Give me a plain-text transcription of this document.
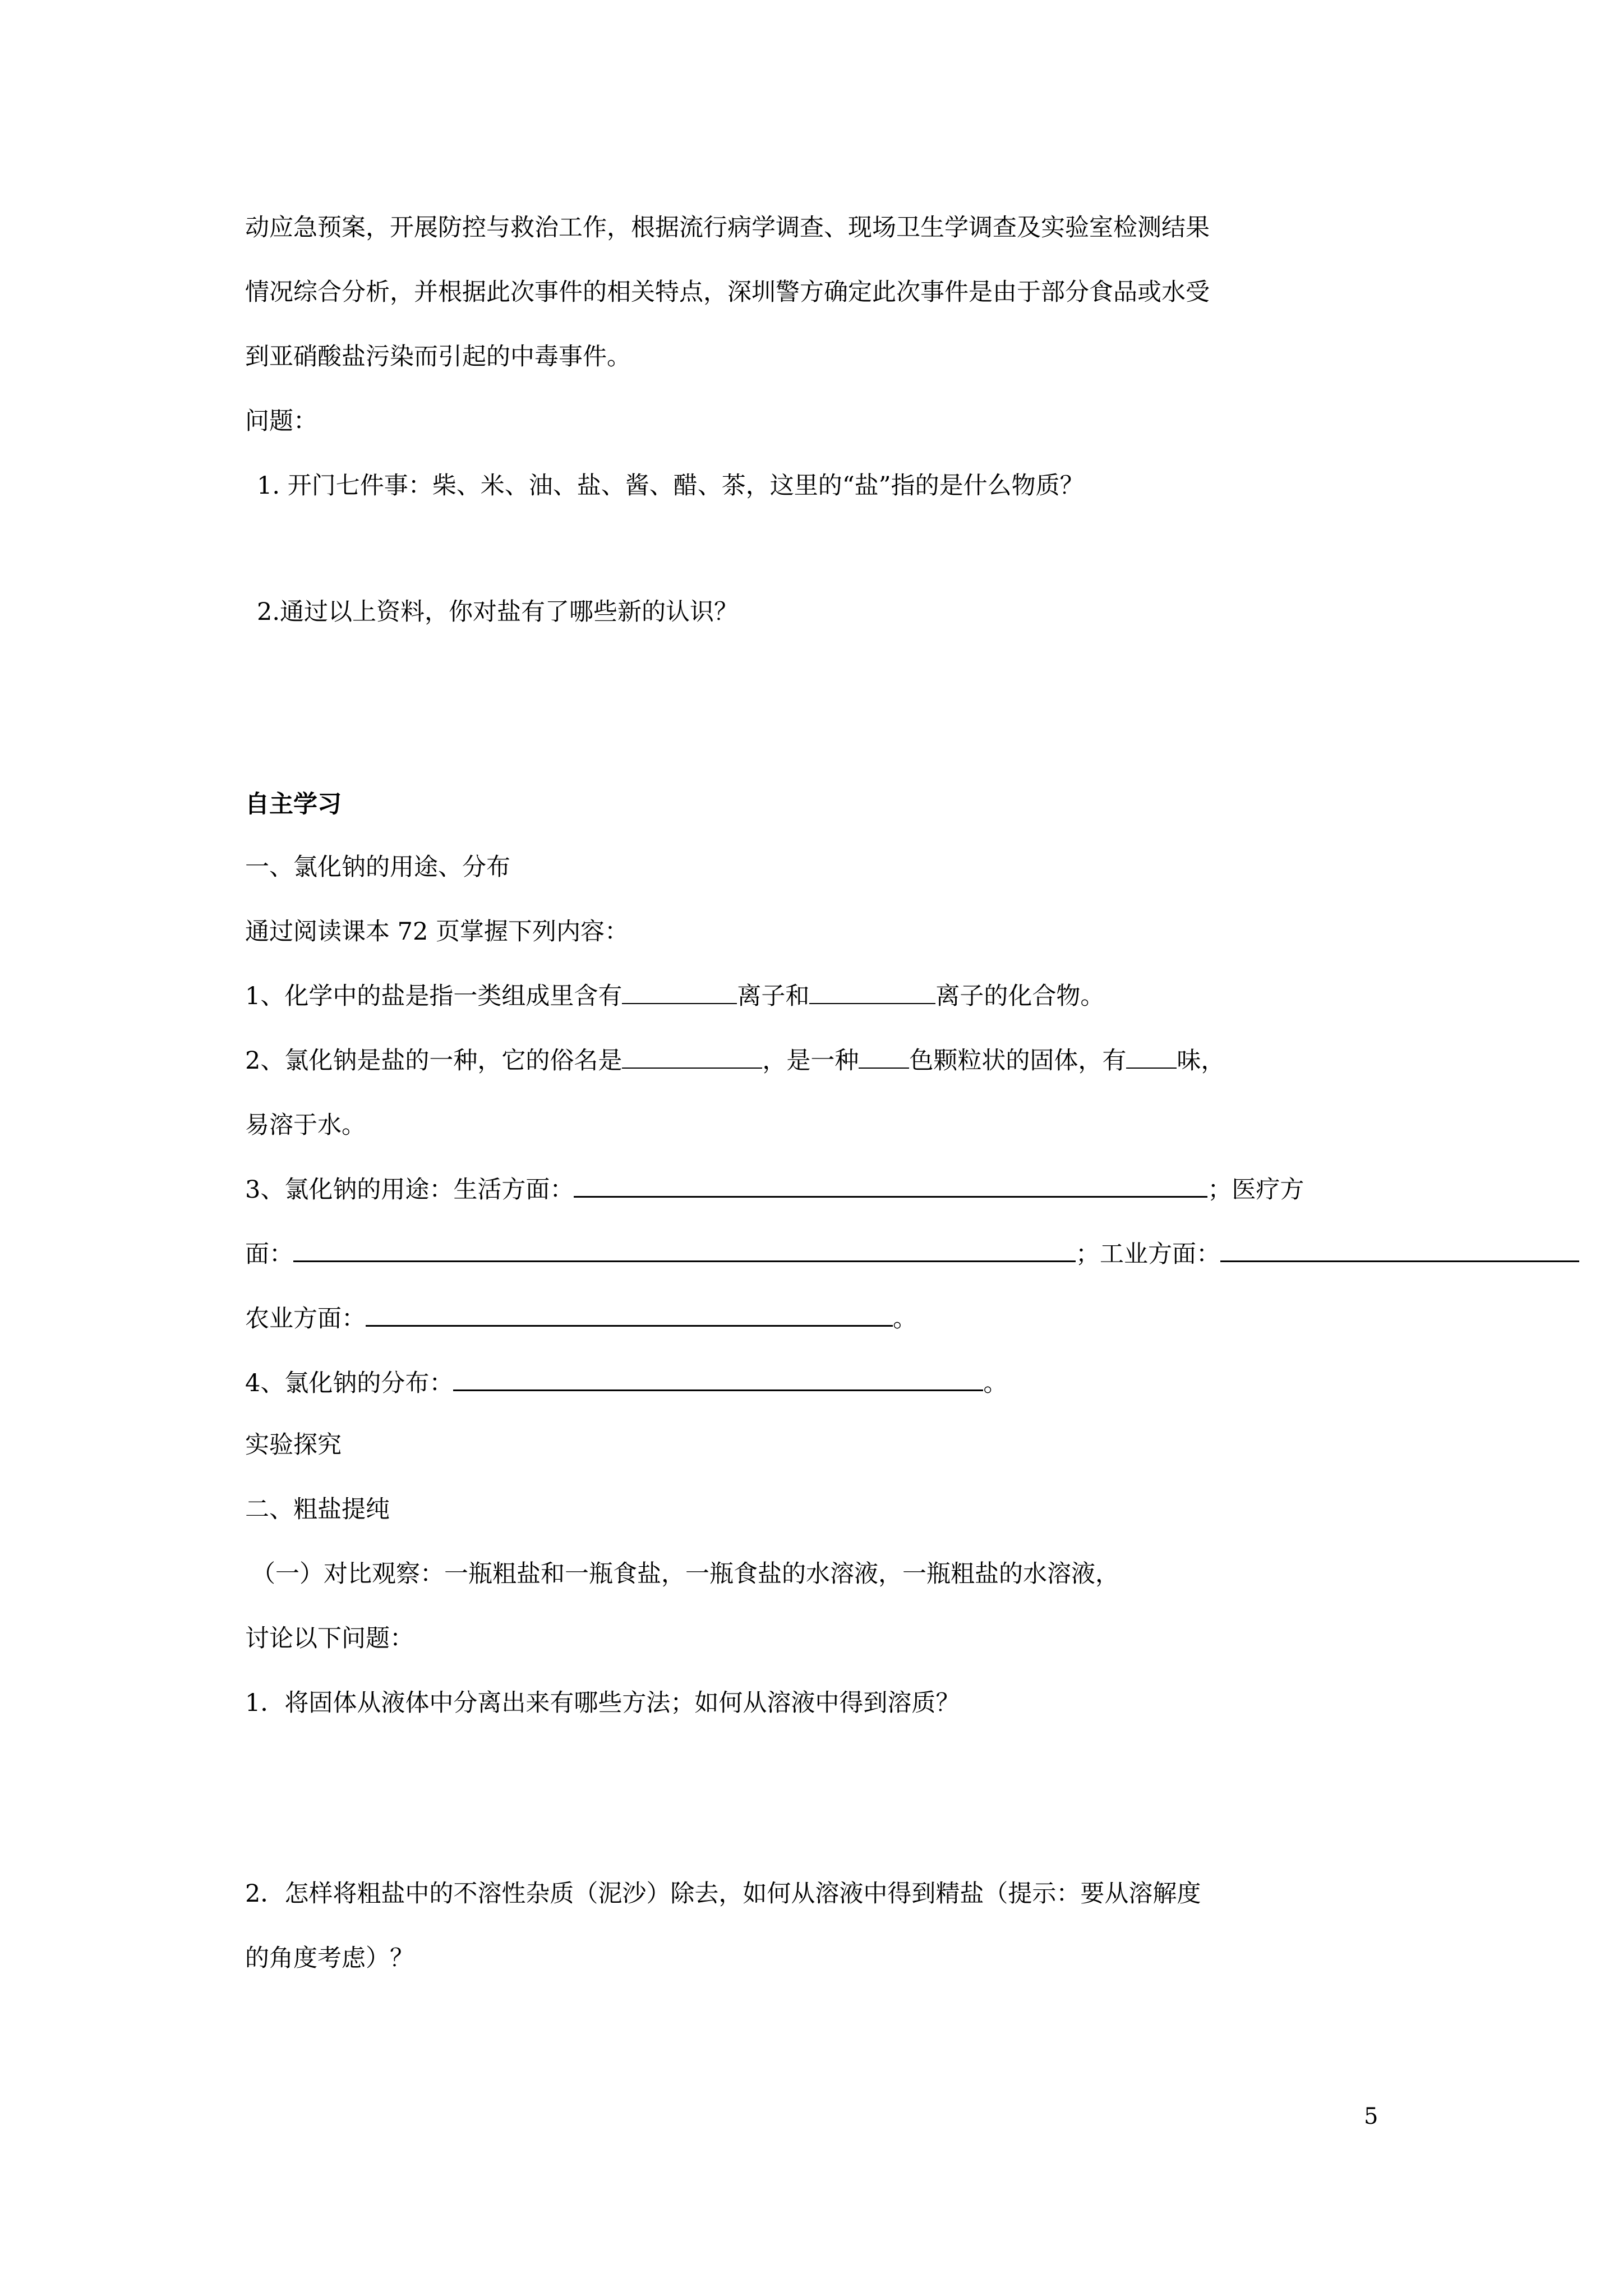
动应急预案，开展防控与救治工作，根据流行病学调查、现场卫生学调查及实验室检测结果
情况综合分析，并根据此次事件的相关特点，深圳警方确定此次事件是由于部分食品或水受
到亚硝酸盐污染而引起的中毒事件。
问题：
1. 开门七件事：柴、米、油、盐、酱、醋、茶，这里的“盐”指的是什么物质？
2.通过以上资料，你对盐有了哪些新的认识？
自主学习
一、氯化钠的用途、分布
通过阅读课本 72 页掌握下列内容：
1、化学中的盐是指一类组成里含有	离子和	离子的化合物。
2、氯化钠是盐的一种，它的俗名是	，是一种 色颗粒状的固体，有 味，
易溶于水。
3、氯化钠的用途：生活方面：	；医疗方
面：	；工业方面：
农业方面：	。
4、氯化钠的分布：	。
实验探究
二、粗盐提纯
（一）对比观察：一瓶粗盐和一瓶食盐，一瓶食盐的水溶液，一瓶粗盐的水溶液，
讨论以下问题：
1．将固体从液体中分离出来有哪些方法；如何从溶液中得到溶质？
2．怎样将粗盐中的不溶性杂质（泥沙）除去，如何从溶液中得到精盐（提示：要从溶解度
的角度考虑）？
5
